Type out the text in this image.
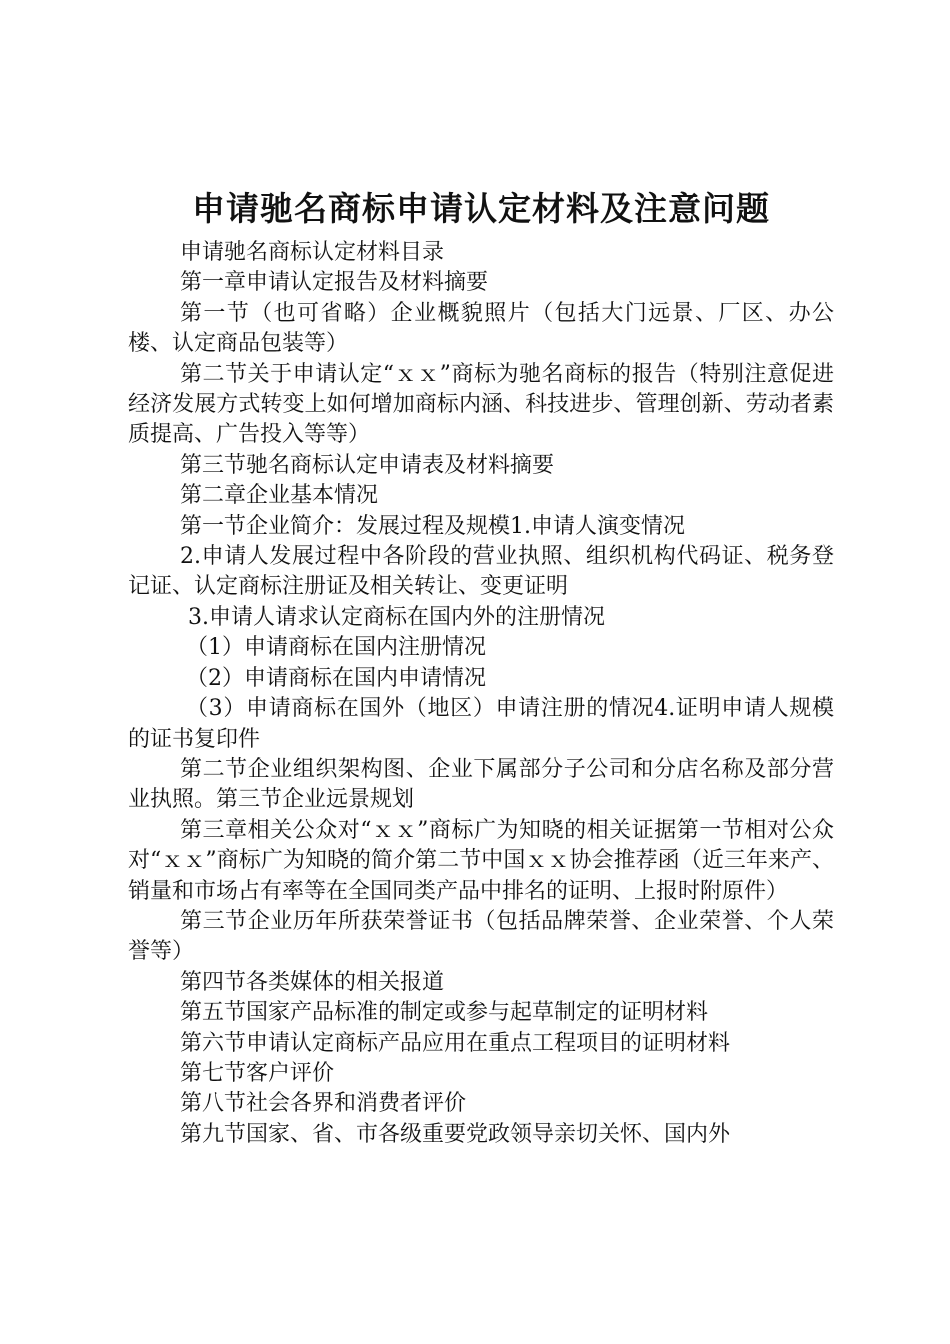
申请驰名商标申请认定材料及注意问题

申请驰名商标认定材料目录

第一章申请认定报告及材料摘要

第一节（也可省略）企业概貌照片（包括大门远景、厂区、办公楼、认定商品包装等）

第二节关于申请认定“ｘｘ”商标为驰名商标的报告（特别注意促进经济发展方式转变上如何增加商标内涵、科技进步、管理创新、劳动者素质提高、广告投入等等）

第三节驰名商标认定申请表及材料摘要

第二章企业基本情况

第一节企业简介：发展过程及规模1.申请人演变情况

2.申请人发展过程中各阶段的营业执照、组织机构代码证、税务登记证、认定商标注册证及相关转让、变更证明

3.申请人请求认定商标在国内外的注册情况

（1）申请商标在国内注册情况

（2）申请商标在国内申请情况

（3）申请商标在国外（地区）申请注册的情况4.证明申请人规模的证书复印件

第二节企业组织架构图、企业下属部分子公司和分店名称及部分营业执照。第三节企业远景规划

第三章相关公众对“ｘｘ”商标广为知晓的相关证据第一节相对公众对“ｘｘ”商标广为知晓的简介第二节中国ｘｘ协会推荐函（近三年来产、销量和市场占有率等在全国同类产品中排名的证明、上报时附原件）

第三节企业历年所获荣誉证书（包括品牌荣誉、企业荣誉、个人荣誉等）

第四节各类媒体的相关报道

第五节国家产品标准的制定或参与起草制定的证明材料

第六节申请认定商标产品应用在重点工程项目的证明材料

第七节客户评价

第八节社会各界和消费者评价

第九节国家、省、市各级重要党政领导亲切关怀、国内外
